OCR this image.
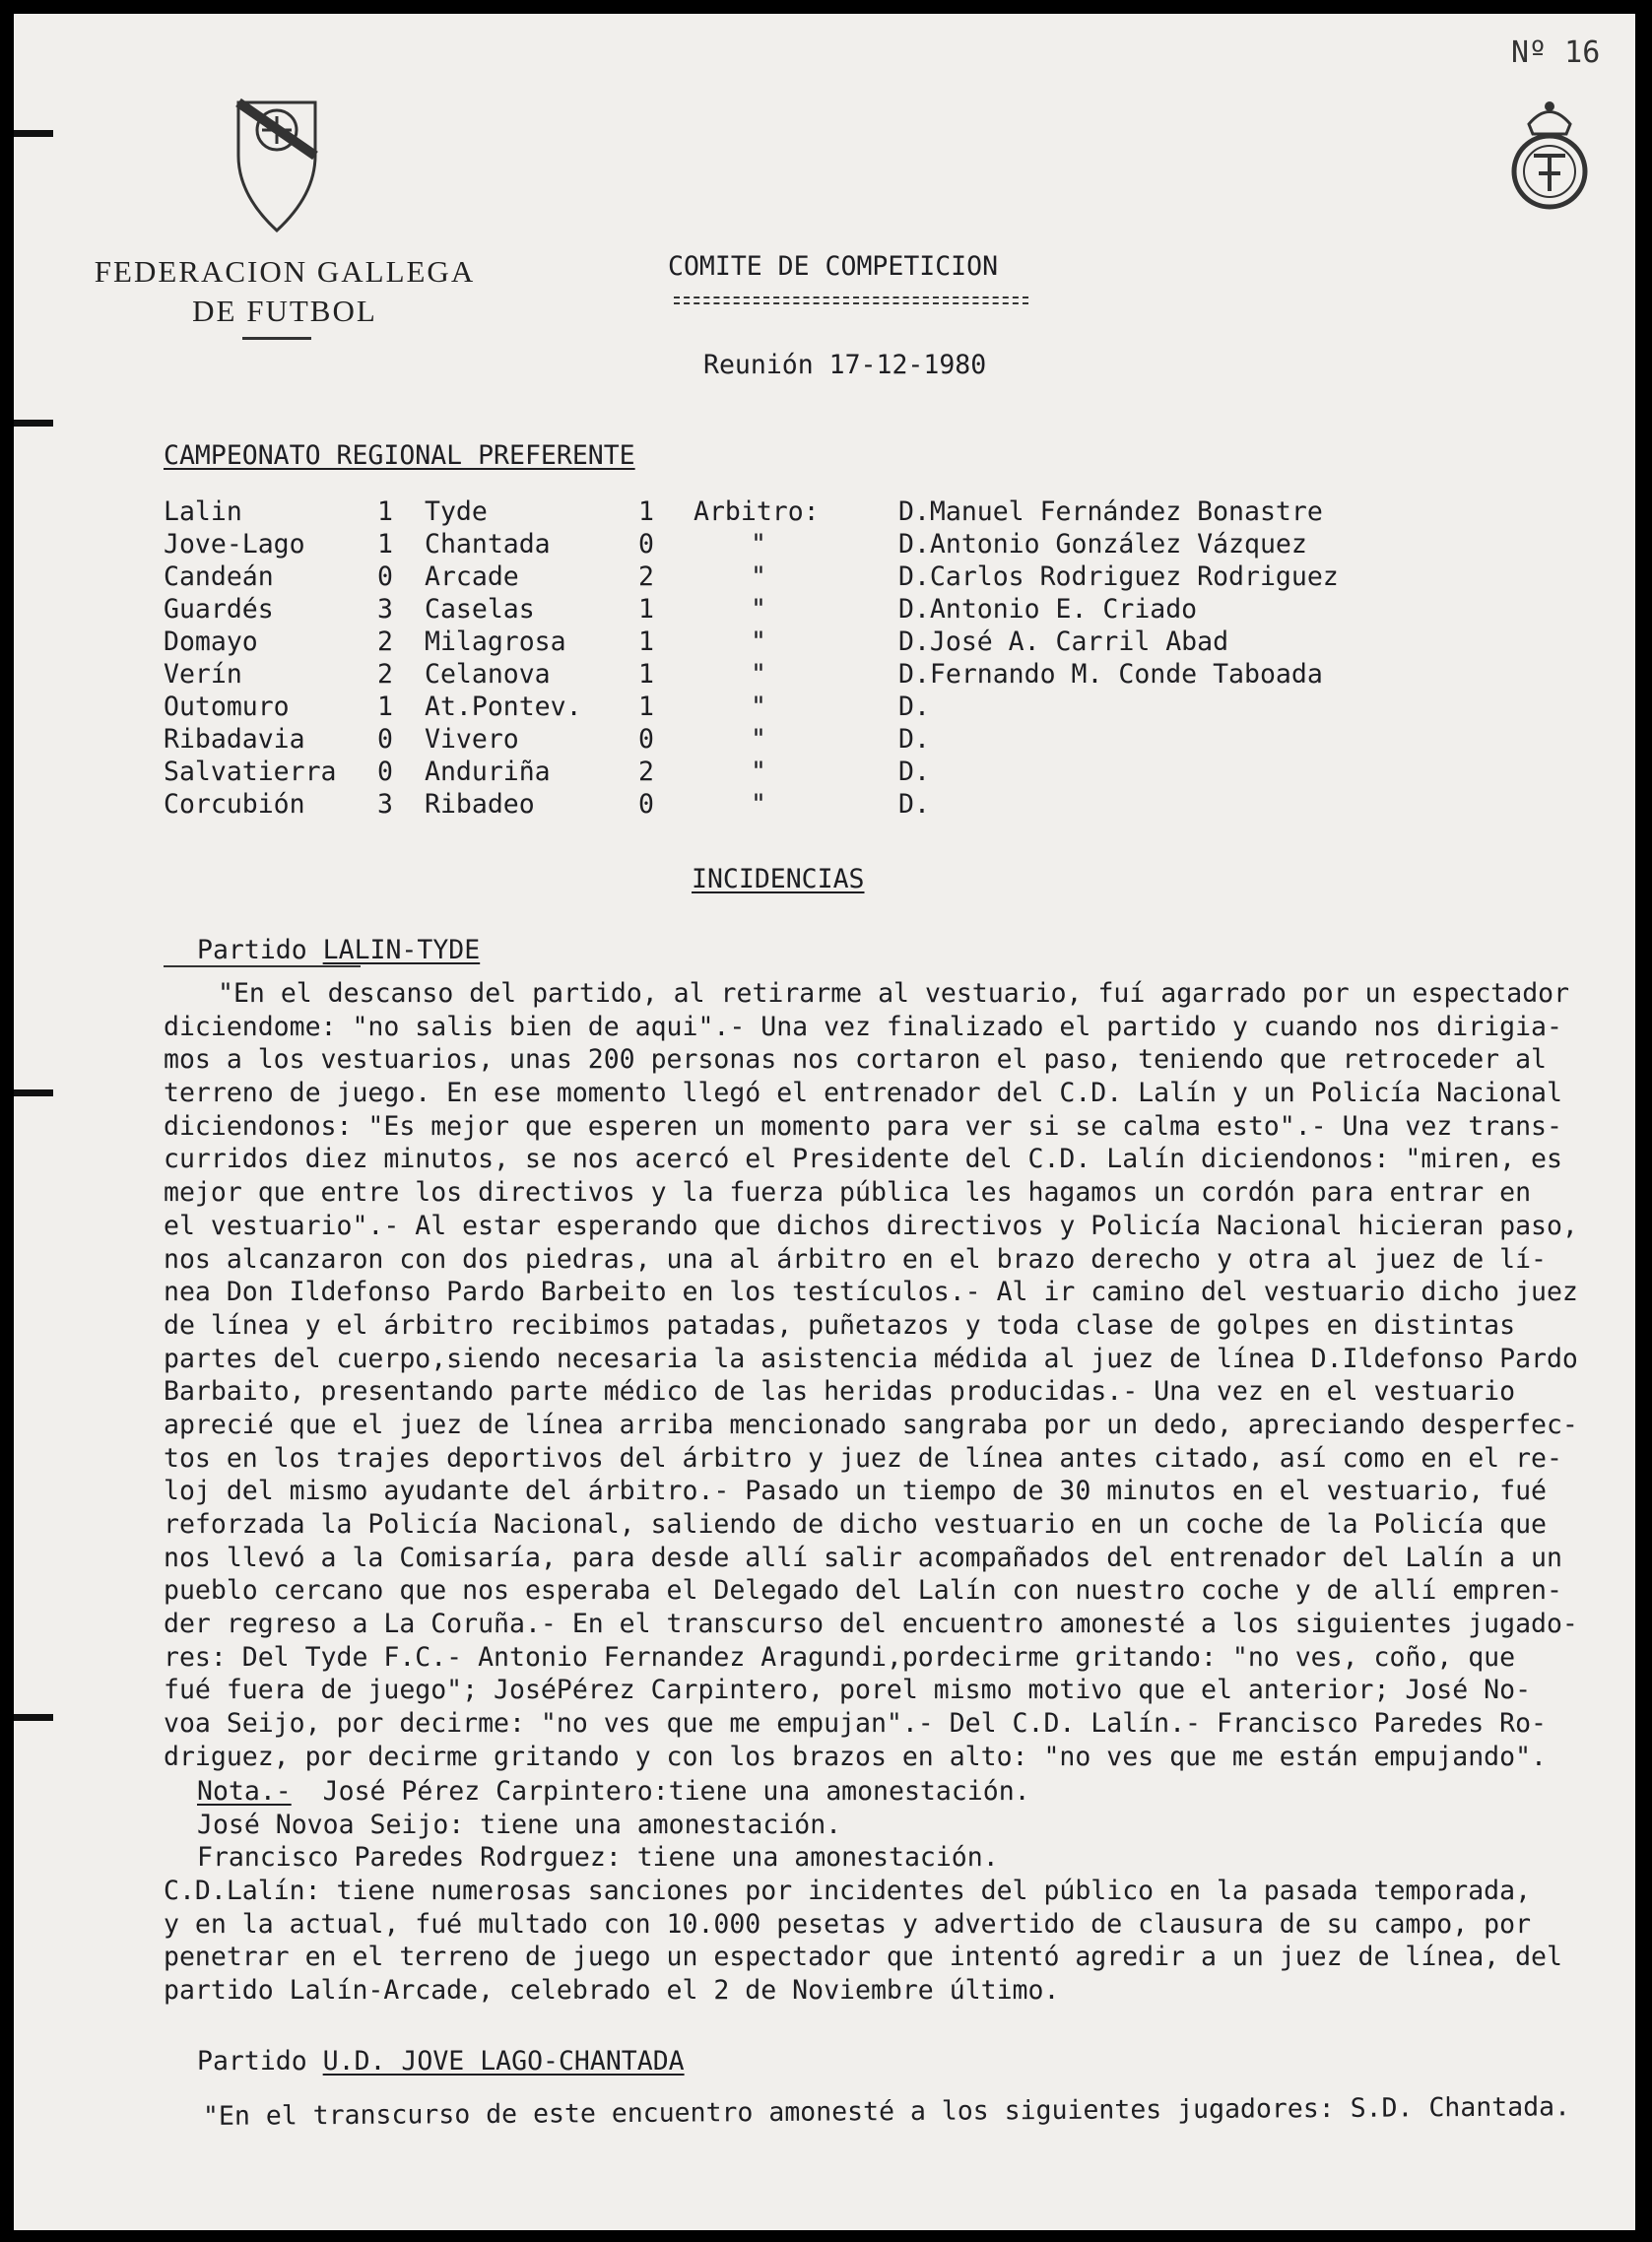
Nº 16
FEDERACION GALLEGA
DE FUTBOL
COMITE DE COMPETICION
Reunión 17-12-1980
CAMPEONATO REGIONAL PREFERENTE
Lalin	1	Tyde	1	Arbitro:	D.Manuel Fernández Bonastre
Jove-Lago	1	Chantada	0	"	D.Antonio González Vázquez
Candeán	0	Arcade	2	"	D.Carlos Rodriguez Rodriguez
Guardés	3	Caselas	1	"	D.Antonio E. Criado
Domayo	2	Milagrosa	1	"	D.José A. Carril Abad
Verín	2	Celanova	1	"	D.Fernando M. Conde Taboada
Outomuro	1	At.Pontev.	1	"	D.
Ribadavia	0	Vivero	0	"	D.
Salvatierra	0	Anduriña	2	"	D.
Corcubión	3	Ribadeo	0	"	D.
INCIDENCIAS
Partido LALIN-TYDE
"En el descanso del partido, al retirarme al vestuario, fuí agarrado por un espectador
diciendome: "no salis bien de aqui".- Una vez finalizado el partido y cuando nos dirigia-
mos a los vestuarios, unas 200 personas nos cortaron el paso, teniendo que retroceder al
terreno de juego. En ese momento llegó el entrenador del C.D. Lalín y un Policía Nacional
diciendonos: "Es mejor que esperen un momento para ver si se calma esto".- Una vez trans-
curridos diez minutos, se nos acercó el Presidente del C.D. Lalín diciendonos: "miren, es
mejor que entre los directivos y la fuerza pública les hagamos un cordón para entrar en
el vestuario".- Al estar esperando que dichos directivos y Policía Nacional hicieran paso,
nos alcanzaron con dos piedras, una al árbitro en el brazo derecho y otra al juez de lí-
nea Don Ildefonso Pardo Barbeito en los testículos.- Al ir camino del vestuario dicho juez
de línea y el árbitro recibimos patadas, puñetazos y toda clase de golpes en distintas
partes del cuerpo,siendo necesaria la asistencia médida al juez de línea D.Ildefonso Pardo
Barbaito, presentando parte médico de las heridas producidas.- Una vez en el vestuario
aprecié que el juez de línea arriba mencionado sangraba por un dedo, apreciando desperfec-
tos en los trajes deportivos del árbitro y juez de línea antes citado, así como en el re-
loj del mismo ayudante del árbitro.- Pasado un tiempo de 30 minutos en el vestuario, fué
reforzada la Policía Nacional, saliendo de dicho vestuario en un coche de la Policía que
nos llevó a la Comisaría, para desde allí salir acompañados del entrenador del Lalín a un
pueblo cercano que nos esperaba el Delegado del Lalín con nuestro coche y de allí empren-
der regreso a La Coruña.- En el transcurso del encuentro amonesté a los siguientes jugado-
res: Del Tyde F.C.- Antonio Fernandez Aragundi,pordecirme gritando: "no ves, coño, que
fué fuera de juego"; JoséPérez Carpintero, porel mismo motivo que el anterior; José No-
voa Seijo, por decirme: "no ves que me empujan".- Del C.D. Lalín.- Francisco Paredes Ro-
driguez, por decirme gritando y con los brazos en alto: "no ves que me están empujando".
Nota.- José Pérez Carpintero:tiene una amonestación.
José Novoa Seijo: tiene una amonestación.
Francisco Paredes Rodrguez: tiene una amonestación.
C.D.Lalín: tiene numerosas sanciones por incidentes del público en la pasada temporada,
y en la actual, fué multado con 10.000 pesetas y advertido de clausura de su campo, por
penetrar en el terreno de juego un espectador que intentó agredir a un juez de línea, del
partido Lalín-Arcade, celebrado el 2 de Noviembre último.
Partido U.D. JOVE LAGO-CHANTADA
"En el transcurso de este encuentro amonesté a los siguientes jugadores: S.D. Chantada.
